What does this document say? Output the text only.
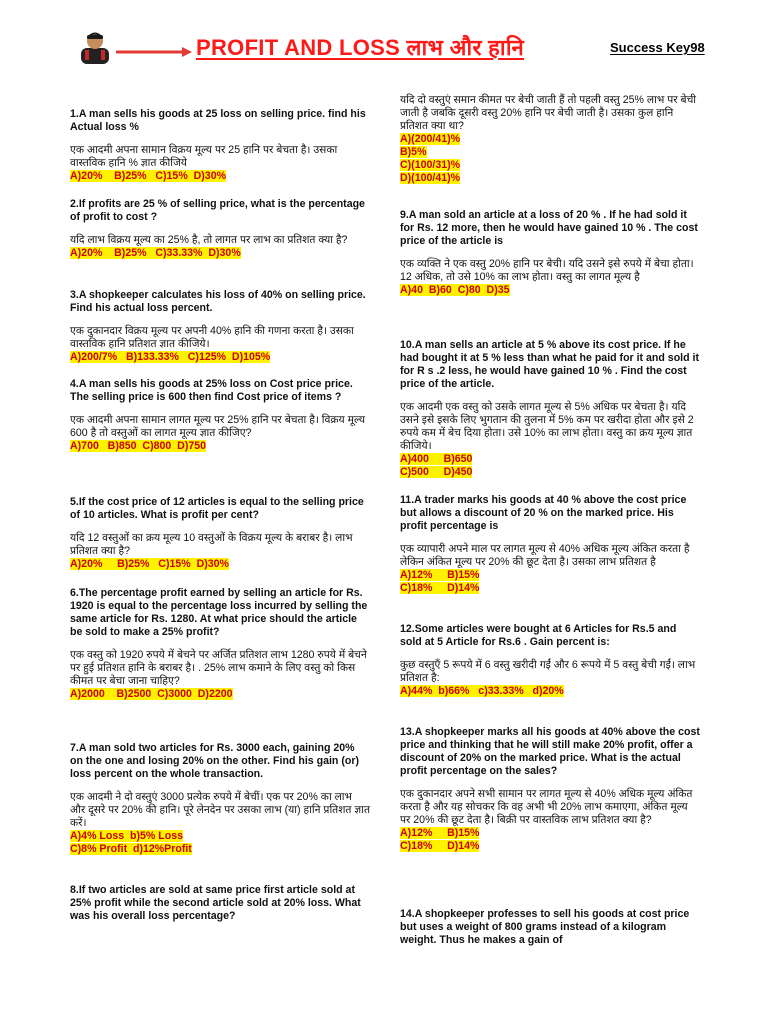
PROFIT AND LOSS लाभ और हानि	Success Key98

1.A man sells his goods at 25 loss on selling price. find his Actual loss %

एक आदमी अपना सामान विक्रय मूल्य पर 25 हानि पर बेचता है। उसका वास्तविक हानि % ज्ञात कीजिये

A)20%    B)25%   C)15%  D)30%

2.If profits are 25 % of selling price, what is the percentage of profit to cost ?

यदि लाभ विक्रय मूल्य का 25% है, तो लागत पर लाभ का प्रतिशत क्या है?

A)20%    B)25%   C)33.33%  D)30%

3.A shopkeeper calculates his loss of 40% on selling price. Find his actual loss percent.

एक दुकानदार विक्रय मूल्य पर अपनी 40% हानि की गणना करता है। उसका वास्तविक हानि प्रतिशत ज्ञात कीजिये।

A)200/7%   B)133.33%   C)125%  D)105%

4.A man sells his goods at 25% loss on Cost price price. The selling price is 600 then find Cost price of items ?

एक आदमी अपना सामान लागत मूल्य पर 25% हानि पर बेचता है। विक्रय मूल्य 600 है तो वस्तुओं का लागत मूल्य ज्ञात कीजिए?

A)700   B)850  C)800  D)750

5.If the cost price of 12 articles is equal to the selling price of 10 articles. What is profit per cent?

यदि 12 वस्तुओं का क्रय मूल्य 10 वस्तुओं के विक्रय मूल्य के बराबर है। लाभ प्रतिशत क्या है?

A)20%     B)25%   C)15%  D)30%

6.The percentage profit earned by selling an article for Rs. 1920 is equal to the percentage loss incurred by selling the same article for Rs. 1280. At what price should the article be sold to make a 25% profit?

एक वस्तु को 1920 रुपये में बेचने पर अर्जित प्रतिशत लाभ 1280 रुपये में बेचने पर हुई प्रतिशत हानि के बराबर है। . 25% लाभ कमाने के लिए वस्तु को किस कीमत पर बेचा जाना चाहिए?

A)2000    B)2500  C)3000  D)2200

7.A man sold two articles for Rs. 3000 each, gaining 20% on the one and losing 20% on the other. Find his gain (or) loss percent on the whole transaction.

एक आदमी ने दो वस्तुएं 3000 प्रत्येक रुपये में बेचीं। एक पर 20% का लाभ और दूसरे पर 20% की हानि। पूरे लेनदेन पर उसका लाभ (या) हानि प्रतिशत ज्ञात करें।

A)4% Loss  b)5% Loss
C)8% Profit  d)12%Profit

8.If two articles are sold at same price first article sold at 25% profit while the second article sold at 20% loss. What was his overall loss percentage?

यदि दो वस्तुएं समान कीमत पर बेची जाती हैं तो पहली वस्तु 25% लाभ पर बेची जाती है जबकि दूसरी वस्तु 20% हानि पर बेची जाती है। उसका कुल हानि प्रतिशत क्या था?

A)(200/41)%
B)5%
C)(100/31)%
D)(100/41)%

9.A man sold an article at a loss of 20 % . If he had sold it for Rs. 12 more, then he would have gained 10 % . The cost price of the article is

एक व्यक्ति ने एक वस्तु 20% हानि पर बेची। यदि उसने इसे रुपये में बेचा होता। 12 अधिक, तो उसे 10% का लाभ होता। वस्तु का लागत मूल्य है

A)40  B)60  C)80  D)35

10.A man sells an article at 5 % above its cost price. If he had bought it at 5 % less than what he paid for it and sold it for R s .2 less, he would have gained 10 % . Find the cost price of the article.

एक आदमी एक वस्तु को उसके लागत मूल्य से 5% अधिक पर बेचता है। यदि उसने इसे इसके लिए भुगतान की तुलना में 5% कम पर खरीदा होता और इसे 2 रुपये कम में बेच दिया होता। उसे 10% का लाभ होता। वस्तु का क्रय मूल्य ज्ञात कीजिये।

A)400     B)650
C)500     D)450

11.A trader marks his goods at 40 % above the cost price but allows a discount of 20 % on the marked price. His profit percentage is

एक व्यापारी अपने माल पर लागत मूल्य से 40% अधिक मूल्य अंकित करता है लेकिन अंकित मूल्य पर 20% की छूट देता है। उसका लाभ प्रतिशत है

A)12%     B)15%
C)18%     D)14%

12.Some articles were bought at 6 Articles for Rs.5 and sold at 5 Article for Rs.6 . Gain percent is:

कुछ वस्तुएँ 5 रूपये में 6 वस्तु खरीदी गईं और 6 रूपये में 5 वस्तु बेची गईं। लाभ प्रतिशत है:

A)44%  b)66%   c)33.33%   d)20%

13.A shopkeeper marks all his goods at 40% above the cost price and thinking that he will still make 20% profit, offer a discount of 20% on the marked price. What is the actual profit percentage on the sales?

एक दुकानदार अपने सभी सामान पर लागत मूल्य से 40% अधिक मूल्य अंकित करता है और यह सोचकर कि वह अभी भी 20% लाभ कमाएगा, अंकित मूल्य पर 20% की छूट देता है। बिक्री पर वास्तविक लाभ प्रतिशत क्या है?

A)12%     B)15%
C)18%     D)14%

14.A shopkeeper professes to sell his goods at cost price but uses a weight of 800 grams instead of a kilogram weight. Thus he makes a gain of
